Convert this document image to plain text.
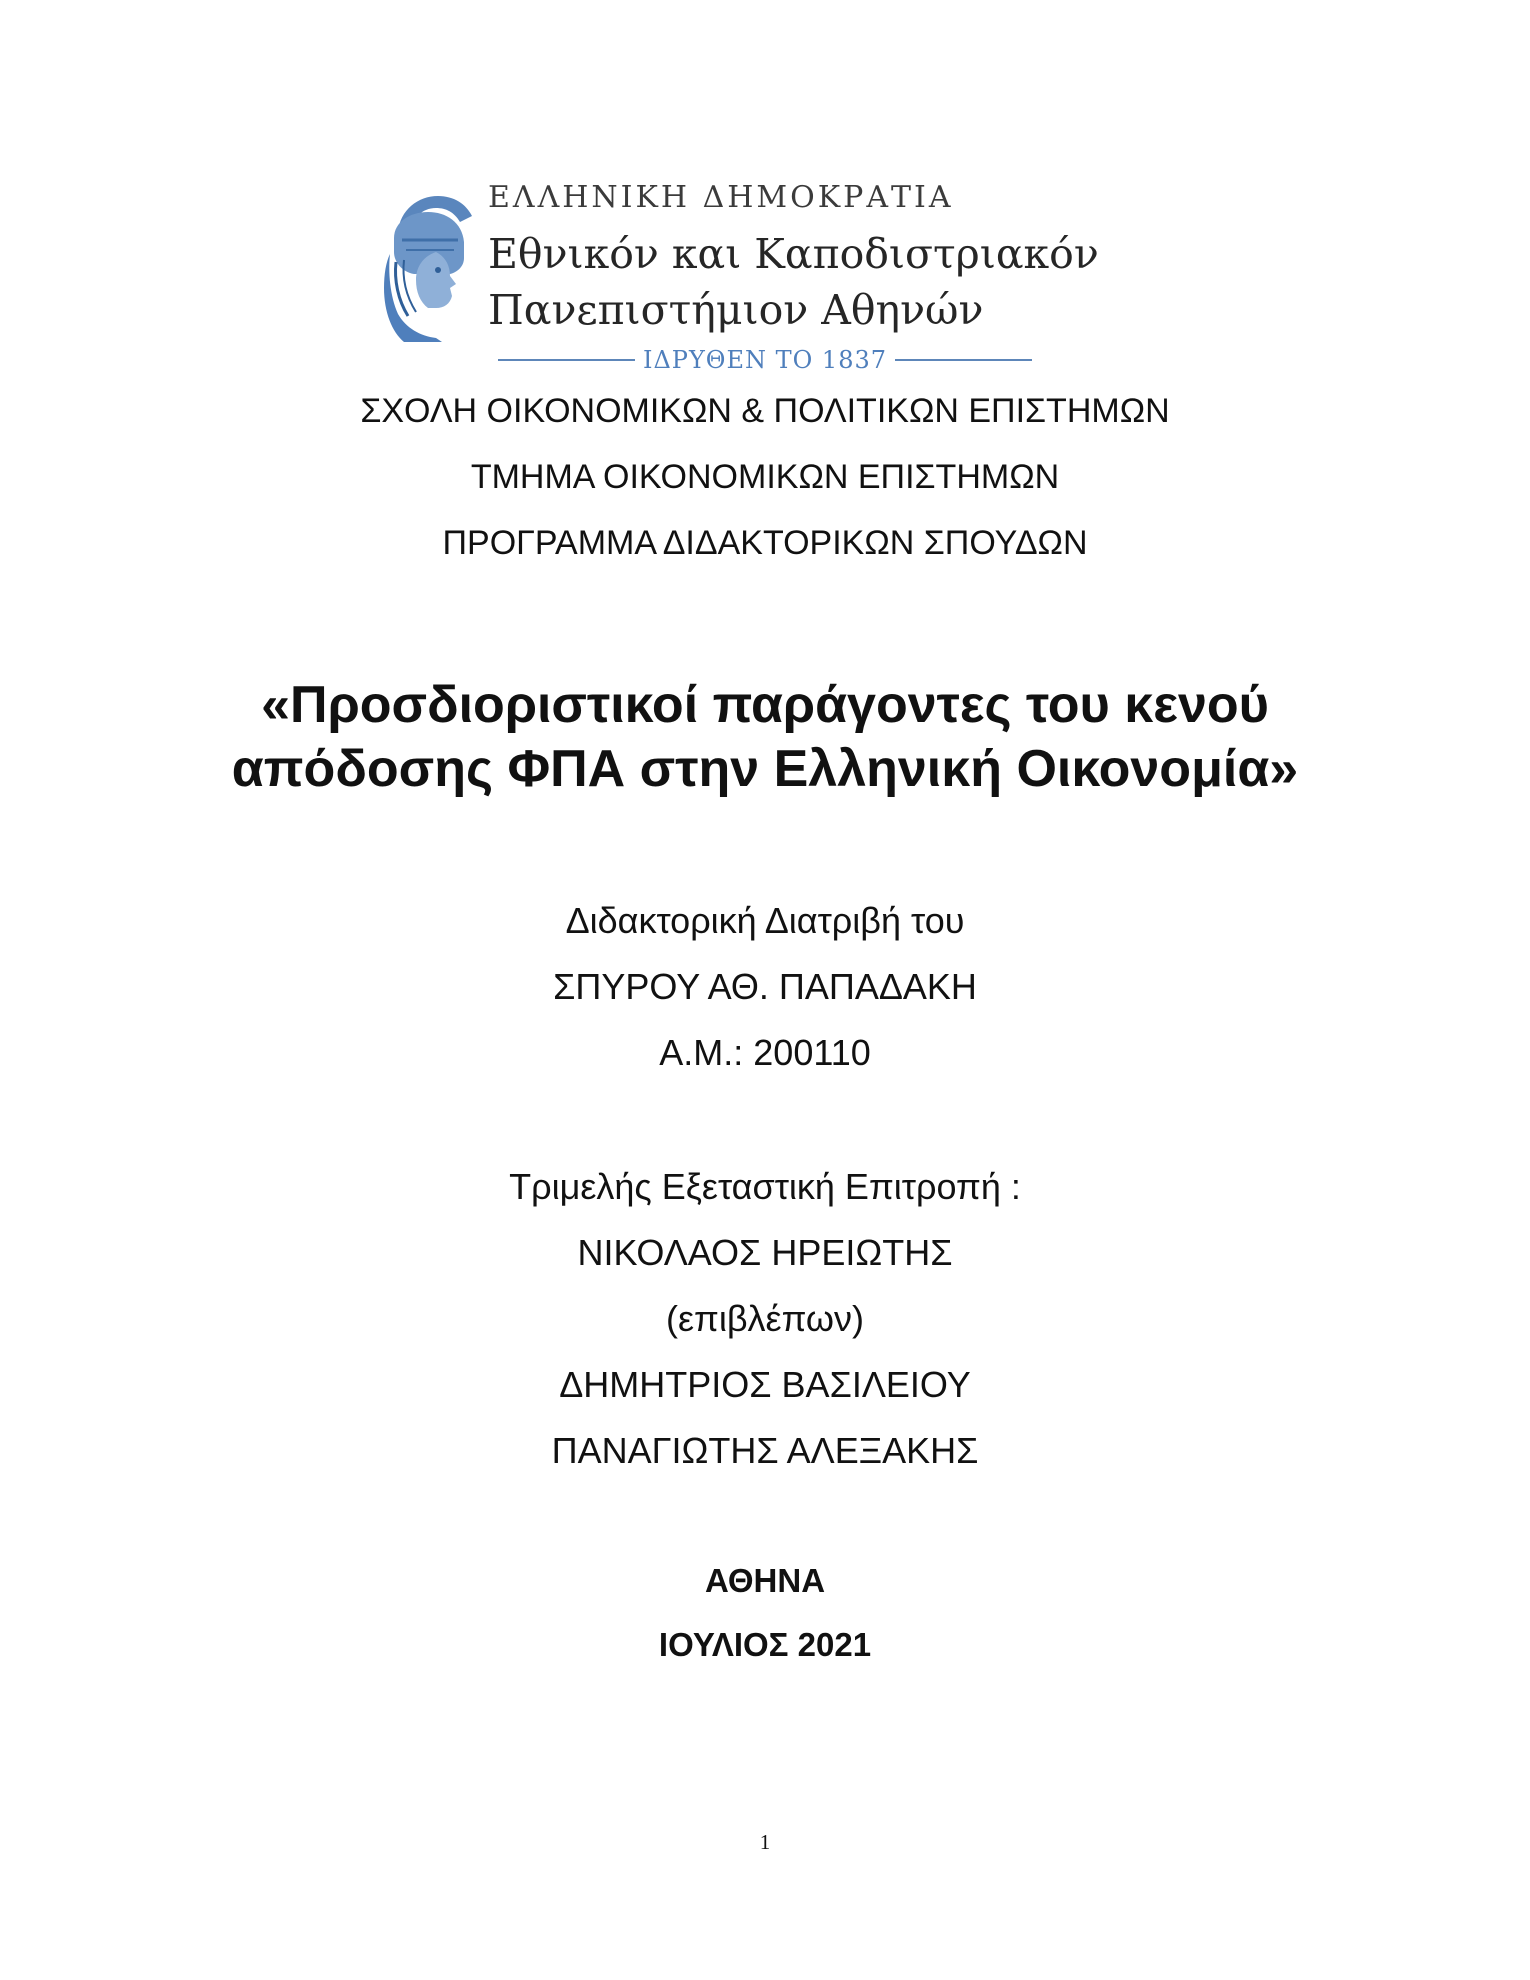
ΕΛΛΗΝΙΚΗ ΔΗΜΟΚΡΑΤΙΑ
Εθνικόν και Καποδιστριακόν
Πανεπιστήμιον Αθηνών
ΙΔΡΥΘΕΝ ΤΟ 1837
ΣΧΟΛΗ ΟΙΚΟΝΟΜΙΚΩΝ & ΠΟΛΙΤΙΚΩΝ ΕΠΙΣΤΗΜΩΝ
ΤΜΗΜΑ ΟΙΚΟΝΟΜΙΚΩΝ ΕΠΙΣΤΗΜΩΝ
ΠΡΟΓΡΑΜΜΑ ΔΙΔΑΚΤΟΡΙΚΩΝ ΣΠΟΥΔΩΝ
«Προσδιοριστικοί παράγοντες του κενού απόδοσης ΦΠΑ στην Ελληνική Οικονομία»
Διδακτορική Διατριβή του
ΣΠΥΡΟΥ ΑΘ. ΠΑΠΑΔΑΚΗ
Α.Μ.: 200110
Τριμελής Εξεταστική Επιτροπή :
ΝΙΚΟΛΑΟΣ ΗΡΕΙΩΤΗΣ
(επιβλέπων)
ΔΗΜΗΤΡΙΟΣ ΒΑΣΙΛΕΙΟΥ
ΠΑΝΑΓΙΩΤΗΣ ΑΛΕΞΑΚΗΣ
ΑΘΗΝΑ
ΙΟΥΛΙΟΣ 2021
1
